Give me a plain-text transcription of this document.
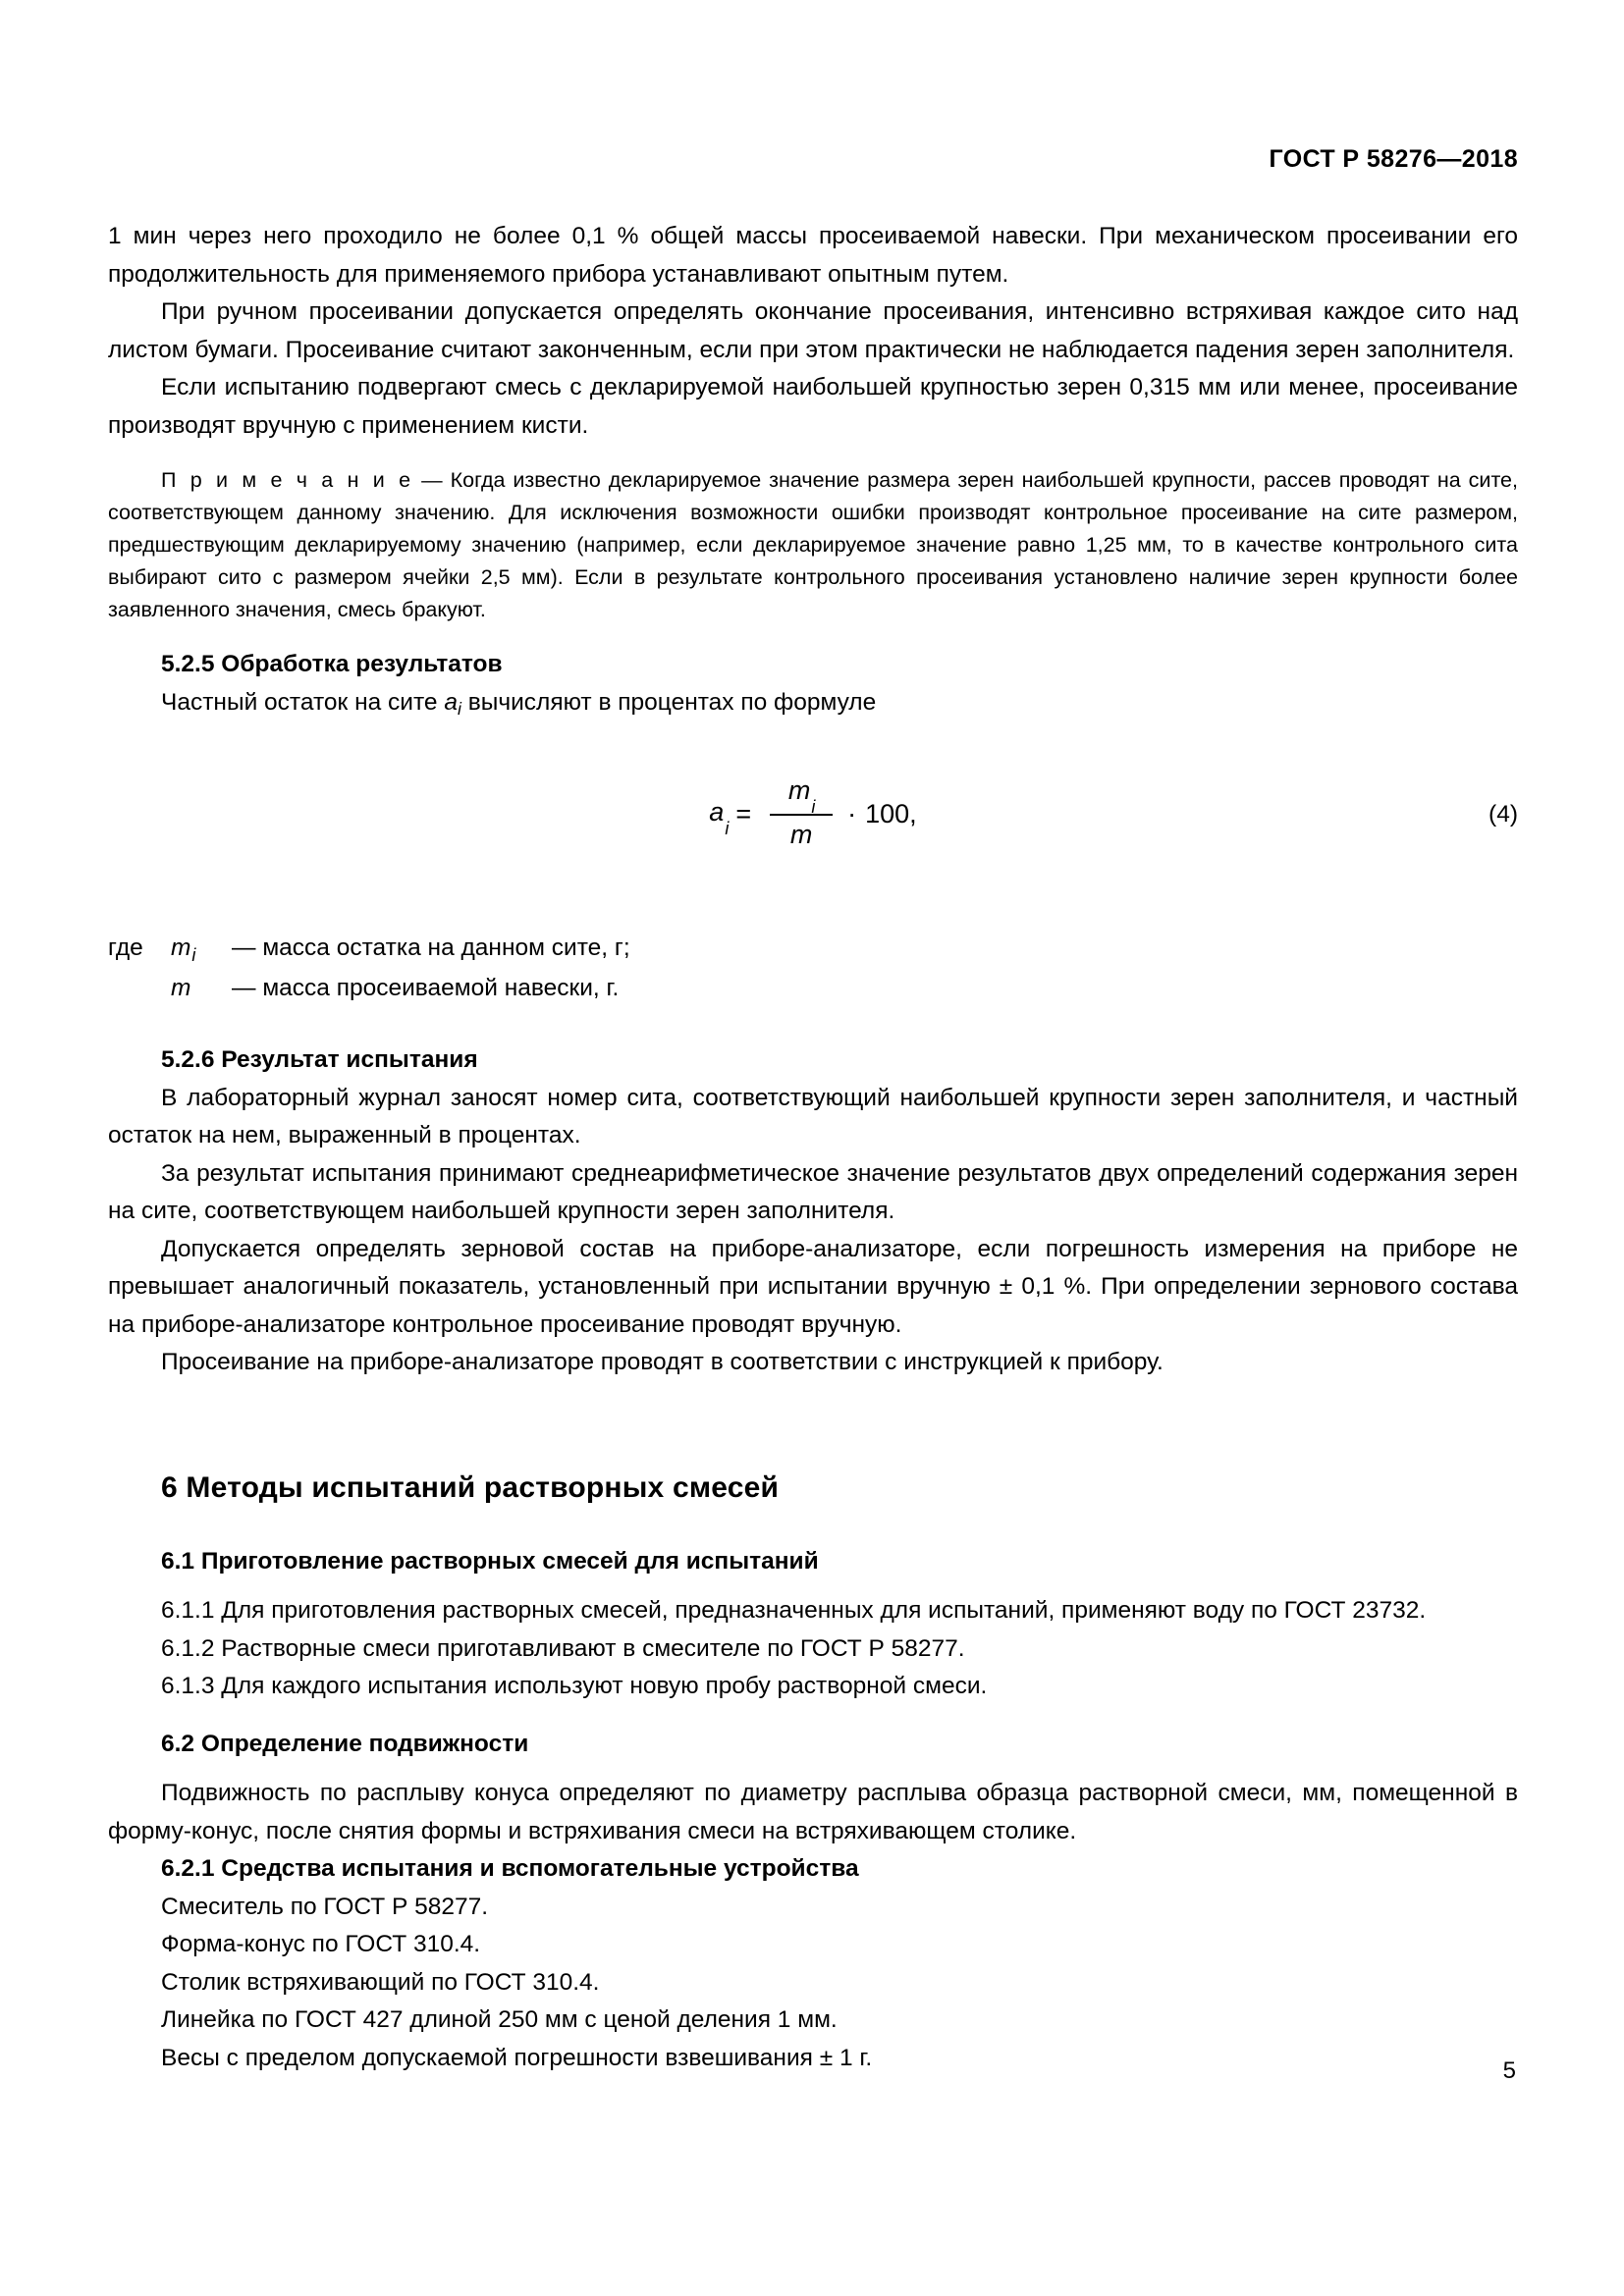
ГОСТ Р 58276—2018

1 мин через него проходило не более 0,1 % общей массы просеиваемой навески. При механическом просеивании его продолжительность для применяемого прибора устанавливают опытным путем.

При ручном просеивании допускается определять окончание просеивания, интенсивно встряхивая каждое сито над листом бумаги. Просеивание считают законченным, если при этом практически не наблюдается падения зерен заполнителя.

Если испытанию подвергают смесь с декларируемой наибольшей крупностью зерен 0,315 мм или менее, просеивание производят вручную с применением кисти.

П р и м е ч а н и е — Когда известно декларируемое значение размера зерен наибольшей крупности, рассев проводят на сите, соответствующем данному значению. Для исключения возможности ошибки производят контрольное просеивание на сите размером, предшествующим декларируемому значению (например, если декларируемое значение равно 1,25 мм, то в качестве контрольного сита выбирают сито с размером ячейки 2,5 мм). Если в результате контрольного просеивания установлено наличие зерен крупности более заявленного значения, смесь бракуют.

5.2.5 Обработка результатов

Частный остаток на сите $a_i$ вычисляют в процентах по формуле

$a_i = \frac{m_i}{m} \cdot 100$ ,	(4)
где	$m_i$	— масса остатка на данном сите, г;
m	— масса просеиваемой навески, г.
5.2.6 Результат испытания

В лабораторный журнал заносят номер сита, соответствующий наибольшей крупности зерен заполнителя, и частный остаток на нем, выраженный в процентах.

За результат испытания принимают среднеарифметическое значение результатов двух определений содержания зерен на сите, соответствующем наибольшей крупности зерен заполнителя.

Допускается определять зерновой состав на приборе-анализаторе, если погрешность измерения на приборе не превышает аналогичный показатель, установленный при испытании вручную ± 0,1 %. При определении зернового состава на приборе-анализаторе контрольное просеивание проводят вручную.

Просеивание на приборе-анализаторе проводят в соответствии с инструкцией к прибору.

6 Методы испытаний растворных смесей
6.1 Приготовление растворных смесей для испытаний

6.1.1 Для приготовления растворных смесей, предназначенных для испытаний, применяют воду по ГОСТ 23732.

6.1.2 Растворные смеси приготавливают в смесителе по ГОСТ Р 58277.

6.1.3 Для каждого испытания используют новую пробу растворной смеси.

6.2 Определение подвижности

Подвижность по расплыву конуса определяют по диаметру расплыва образца растворной смеси, мм, помещенной в форму-конус, после снятия формы и встряхивания смеси на встряхивающем столике.

6.2.1 Средства испытания и вспомогательные устройства

Смеситель по ГОСТ Р 58277.

Форма-конус по ГОСТ 310.4.

Столик встряхивающий по ГОСТ 310.4.

Линейка по ГОСТ 427 длиной 250 мм с ценой деления 1 мм.

Весы с пределом допускаемой погрешности взвешивания ± 1 г.	5
